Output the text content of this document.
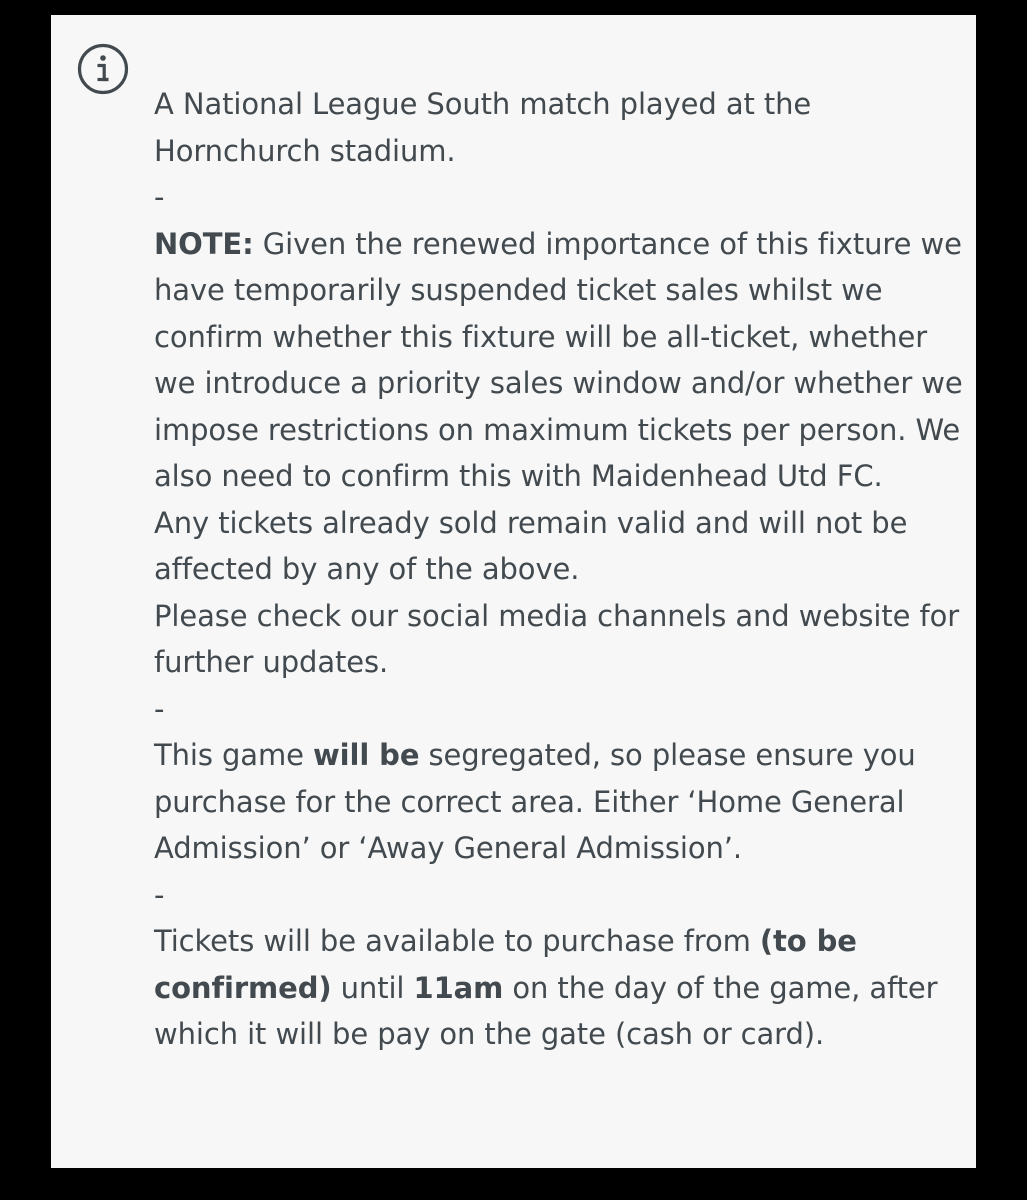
A National League South match played at the Hornchurch stadium.

-

NOTE: Given the renewed importance of this fixture we have temporarily suspended ticket sales whilst we confirm whether this fixture will be all-ticket, whether we introduce a priority sales window and/or whether we impose restrictions on maximum tickets per person. We also need to confirm this with Maidenhead Utd FC.

Any tickets already sold remain valid and will not be affected by any of the above.

Please check our social media channels and website for further updates.

-

This game will be segregated, so please ensure you purchase for the correct area. Either ‘Home General Admission’ or ‘Away General Admission’.

-

Tickets will be available to purchase from (to be confirmed) until 11am on the day of the game, after which it will be pay on the gate (cash or card).
